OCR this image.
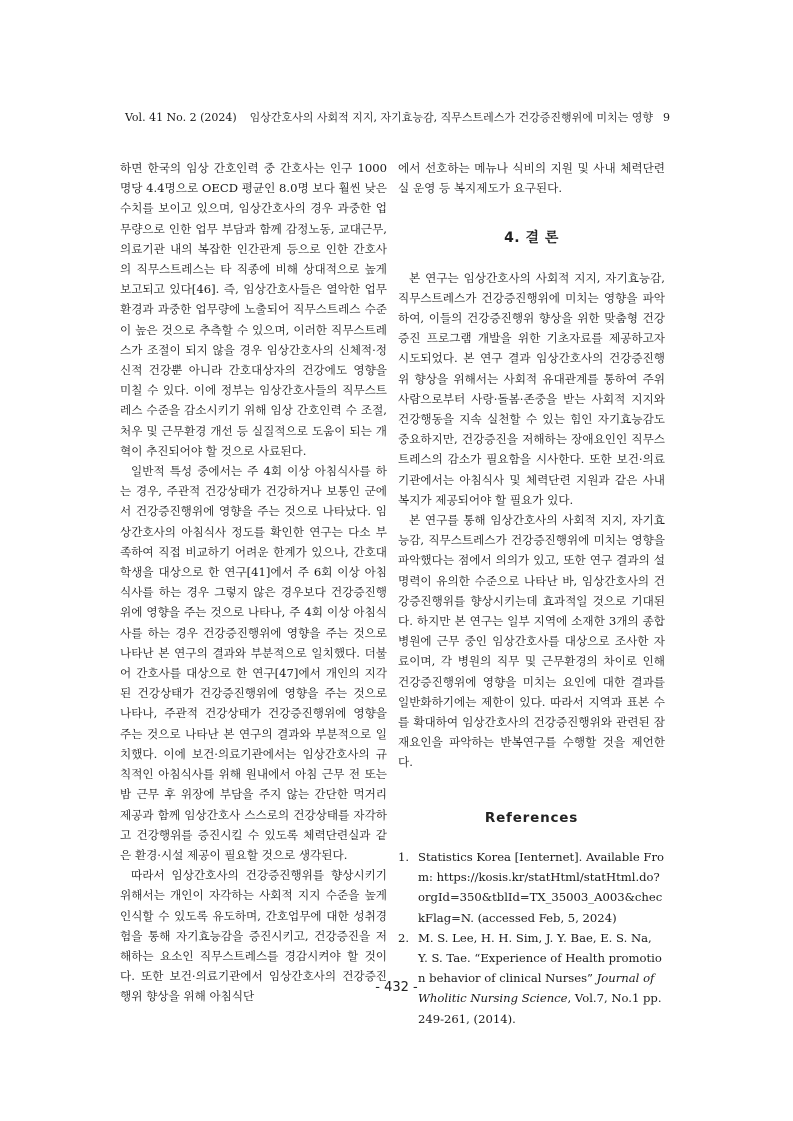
Vol. 41 No. 2 (2024) 임상간호사의 사회적 지지, 자기효능감, 직무스트레스가 건강증진행위에 미치는 영향 9

하면 한국의 임상 간호인력 중 간호사는 인구 1000명당 4.4명으로 OECD 평균인 8.0명 보다 훨씬 낮은 수치를 보이고 있으며, 임상간호사의 경우 과중한 업무량으로 인한 업무 부담과 함께 감정노동, 교대근무, 의료기관 내의 복잡한 인간관계 등으로 인한 간호사의 직무스트레스는 타 직종에 비해 상대적으로 높게 보고되고 있다[46]. 즉, 임상간호사들은 열악한 업무환경과 과중한 업무량에 노출되어 직무스트레스 수준이 높은 것으로 추측할 수 있으며, 이러한 직무스트레스가 조절이 되지 않을 경우 임상간호사의 신체적·정신적 건강뿐 아니라 간호대상자의 건강에도 영향을 미칠 수 있다. 이에 정부는 임상간호사들의 직무스트레스 수준을 감소시키기 위해 임상 간호인력 수 조절, 처우 및 근무환경 개선 등 실질적으로 도움이 되는 개혁이 추진되어야 할 것으로 사료된다.

일반적 특성 중에서는 주 4회 이상 아침식사를 하는 경우, 주관적 건강상태가 건강하거나 보통인 군에서 건강증진행위에 영향을 주는 것으로 나타났다. 임상간호사의 아침식사 정도를 확인한 연구는 다소 부족하여 직접 비교하기 어려운 한계가 있으나, 간호대학생을 대상으로 한 연구[41]에서 주 6회 이상 아침식사를 하는 경우 그렇지 않은 경우보다 건강증진행위에 영향을 주는 것으로 나타나, 주 4회 이상 아침식사를 하는 경우 건강증진행위에 영향을 주는 것으로 나타난 본 연구의 결과와 부분적으로 일치했다. 더불어 간호사를 대상으로 한 연구[47]에서 개인의 지각된 건강상태가 건강증진행위에 영향을 주는 것으로 나타나, 주관적 건강상태가 건강증진행위에 영향을 주는 것으로 나타난 본 연구의 결과와 부분적으로 일치했다. 이에 보건·의료기관에서는 임상간호사의 규칙적인 아침식사를 위해 원내에서 아침 근무 전 또는 밤 근무 후 위장에 부담을 주지 않는 간단한 먹거리 제공과 함께 임상간호사 스스로의 건강상태를 자각하고 건강행위를 증진시킬 수 있도록 체력단련실과 같은 환경·시설 제공이 필요할 것으로 생각된다.

따라서 임상간호사의 건강증진행위를 향상시키기 위해서는 개인이 자각하는 사회적 지지 수준을 높게 인식할 수 있도록 유도하며, 간호업무에 대한 성취경험을 통해 자기효능감을 증진시키고, 건강증진을 저해하는 요소인 직무스트레스를 경감시켜야 할 것이다. 또한 보건·의료기관에서 임상간호사의 건강증진행위 향상을 위해 아침식단

에서 선호하는 메뉴나 식비의 지원 및 사내 체력단련실 운영 등 복지제도가 요구된다.

4. 결 론

본 연구는 임상간호사의 사회적 지지, 자기효능감, 직무스트레스가 건강증진행위에 미치는 영향을 파악하여, 이들의 건강증진행위 향상을 위한 맞춤형 건강증진 프로그램 개발을 위한 기초자료를 제공하고자 시도되었다. 본 연구 결과 임상간호사의 건강증진행위 향상을 위해서는 사회적 유대관계를 통하여 주위 사람으로부터 사랑·돌봄·존중을 받는 사회적 지지와 건강행동을 지속 실천할 수 있는 힘인 자기효능감도 중요하지만, 건강증진을 저해하는 장애요인인 직무스트레스의 감소가 필요함을 시사한다. 또한 보건·의료기관에서는 아침식사 및 체력단련 지원과 같은 사내 복지가 제공되어야 할 필요가 있다.

본 연구를 통해 임상간호사의 사회적 지지, 자기효능감, 직무스트레스가 건강증진행위에 미치는 영향을 파악했다는 점에서 의의가 있고, 또한 연구 결과의 설명력이 유의한 수준으로 나타난 바, 임상간호사의 건강증진행위를 향상시키는데 효과적일 것으로 기대된다. 하지만 본 연구는 일부 지역에 소재한 3개의 종합병원에 근무 중인 임상간호사를 대상으로 조사한 자료이며, 각 병원의 직무 및 근무환경의 차이로 인해 건강증진행위에 영향을 미치는 요인에 대한 결과를 일반화하기에는 제한이 있다. 따라서 지역과 표본 수를 확대하여 임상간호사의 건강증진행위와 관련된 잠재요인을 파악하는 반복연구를 수행할 것을 제언한다.

References
1. Statistics Korea [Ienternet]. Available From: https://kosis.kr/statHtml/statHtml.do?orgId=350&tblId=TX_35003_A003&checkFlag=N. (accessed Feb, 5, 2024)
2. M. S. Lee, H. H. Sim, J. Y. Bae, E. S. Na, Y. S. Tae. “Experience of Health promotion behavior of clinical Nurses” Journal of Wholitic Nursing Science, Vol.7, No.1 pp. 249-261, (2014).
- 432 -
